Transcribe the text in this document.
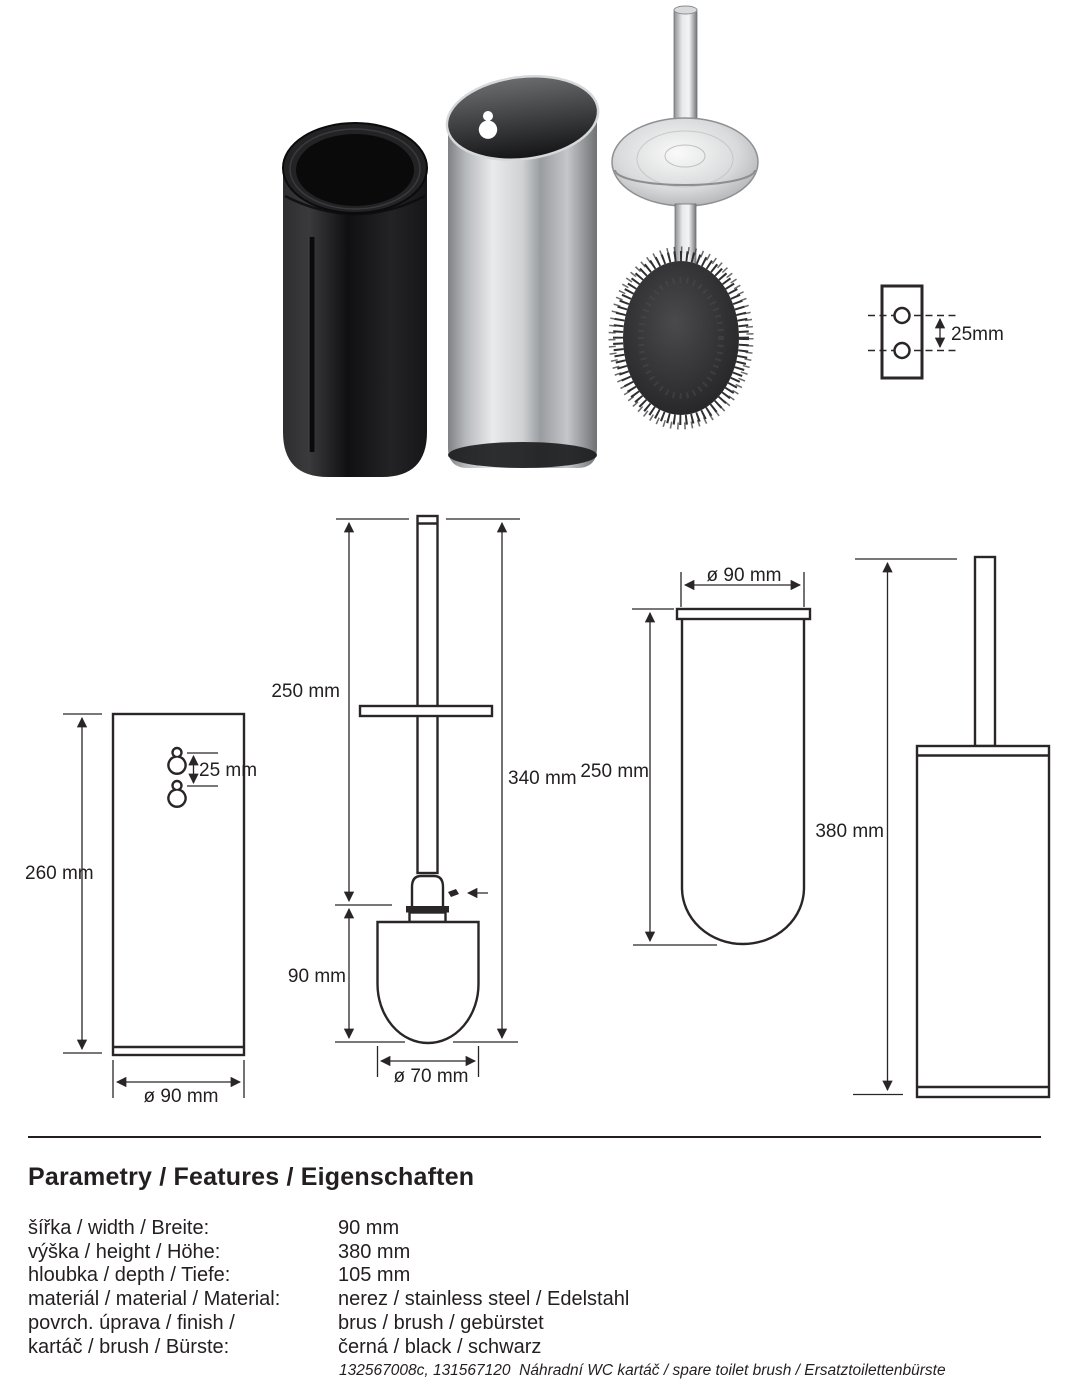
25mm
260 mm
25 mm
ø 90 mm
250 mm
90 mm
340 mm
ø 70 mm
ø 90 mm
250 mm
380 mm
Parametry / Features / Eigenschaften
šířka / width / Breite:	90 mm
výška / height / Höhe:	380 mm
hloubka / depth / Tiefe:	105 mm
materiál / material / Material:	nerez / stainless steel / Edelstahl
povrch. úprava / finish /	brus / brush / gebürstet
kartáč / brush / Bürste:	černá / black / schwarz
132567008c, 131567120  Náhradní WC kartáč / spare toilet brush / Ersatztoilettenbürste
